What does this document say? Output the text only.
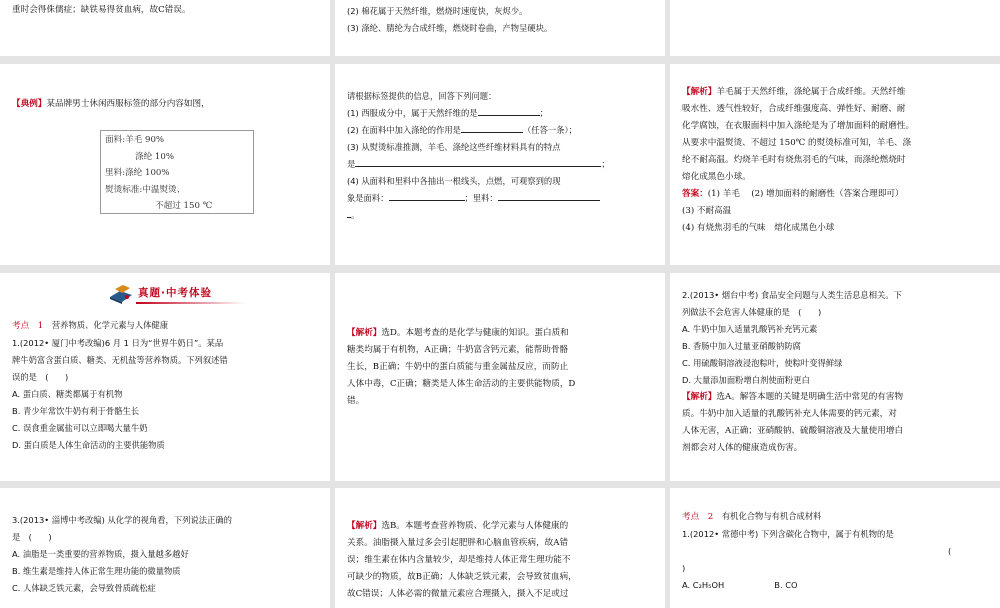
重时会得侏儒症；缺铁易得贫血病，故C错误。	(2) 棉花属于天然纤维，燃烧时速度快，灰烬少。

(3) 涤纶、腈纶为合成纤维，燃烧时卷曲，产物呈硬块。

【典例】某品牌男士休闲西服标签的部分内容如图，

面料:羊毛 90%

涤纶 10%

里料:涤纶 100%

熨烫标准:中温熨烫、

不超过 150 ℃

请根据标签提供的信息，回答下列问题：

(1) 西服成分中，属于天然纤维的是	；

(2) 在面料中加入涤纶的作用是	（任答一条）；

(3) 从熨烫标准推测，羊毛、涤纶这些纤维材料具有的特点

是	；

(4) 从面料和里料中各抽出一根线头，点燃，可观察到的现

象是面料：	；里料：

。

【解析】羊毛属于天然纤维，涤纶属于合成纤维。天然纤维

吸水性、透气性较好，合成纤维强度高、弹性好、耐磨、耐

化学腐蚀，在衣服面料中加入涤纶是为了增加面料的耐磨性。

从要求中温熨烫、不超过 150℃ 的熨烫标准可知，羊毛、涤

纶不耐高温。灼烧羊毛时有烧焦羽毛的气味，而涤纶燃烧时

熔化成黑色小球。

答案：(1) 羊毛　 (2) 增加面料的耐磨性（答案合理即可）

(3) 不耐高温

(4) 有烧焦羽毛的气味　熔化成黑色小球

真题·中考体验

考点　1　 营养物质、化学元素与人体健康

1.(2012• 厦门中考改编)6 月 1 日为“世界牛奶日”。某品

牌牛奶富含蛋白质、糖类、无机盐等营养物质。下列叙述错

误的是　(　　)

A. 蛋白质、糖类都属于有机物

B. 青少年常饮牛奶有利于骨骼生长

C. 误食重金属盐可以立即喝大量牛奶

D. 蛋白质是人体生命活动的主要供能物质

【解析】选D。本题考查的是化学与健康的知识。蛋白质和

糖类均属于有机物，A正确；牛奶富含钙元素，能帮助骨骼

生长，B正确；牛奶中的蛋白质能与重金属盐反应，而防止

人体中毒，C正确；糖类是人体生命活动的主要供能物质，D

错。

2.(2013• 烟台中考) 食品安全问题与人类生活息息相关。下

列做法不会危害人体健康的是　(　　)

A. 牛奶中加入适量乳酸钙补充钙元素

B. 香肠中加入过量亚硝酸钠防腐

C. 用硫酸铜溶液浸泡粽叶，使粽叶变得鲜绿

D. 大量添加面粉增白剂使面粉更白

【解析】选A。解答本题的关键是明确生活中常见的有害物

质。牛奶中加入适量的乳酸钙补充人体需要的钙元素，对

人体无害，A正确；亚硝酸钠、硫酸铜溶液及大量使用增白

剂都会对人体的健康造成伤害。

3.(2013• 淄博中考改编) 从化学的视角看，下列说法正确的

是　(　　)

A. 油脂是一类重要的营养物质，摄入量越多越好

B. 维生素是维持人体正常生理功能的微量物质

C. 人体缺乏铁元素，会导致骨质疏松症

【解析】选B。本题考查营养物质、化学元素与人体健康的

关系。油脂摄入量过多会引起肥胖和心脑血管疾病，故A错

误；维生素在体内含量较少，却是维持人体正常生理功能不

可缺少的物质，故B正确；人体缺乏铁元素，会导致贫血病，

故C错误；人体必需的微量元素应合理摄入，摄入不足或过

考点　2　 有机化合物与有机合成材料

1.(2012• 常德中考) 下列含碳化合物中，属于有机物的是

(

)

A. C₂H₅OH	B. CO
